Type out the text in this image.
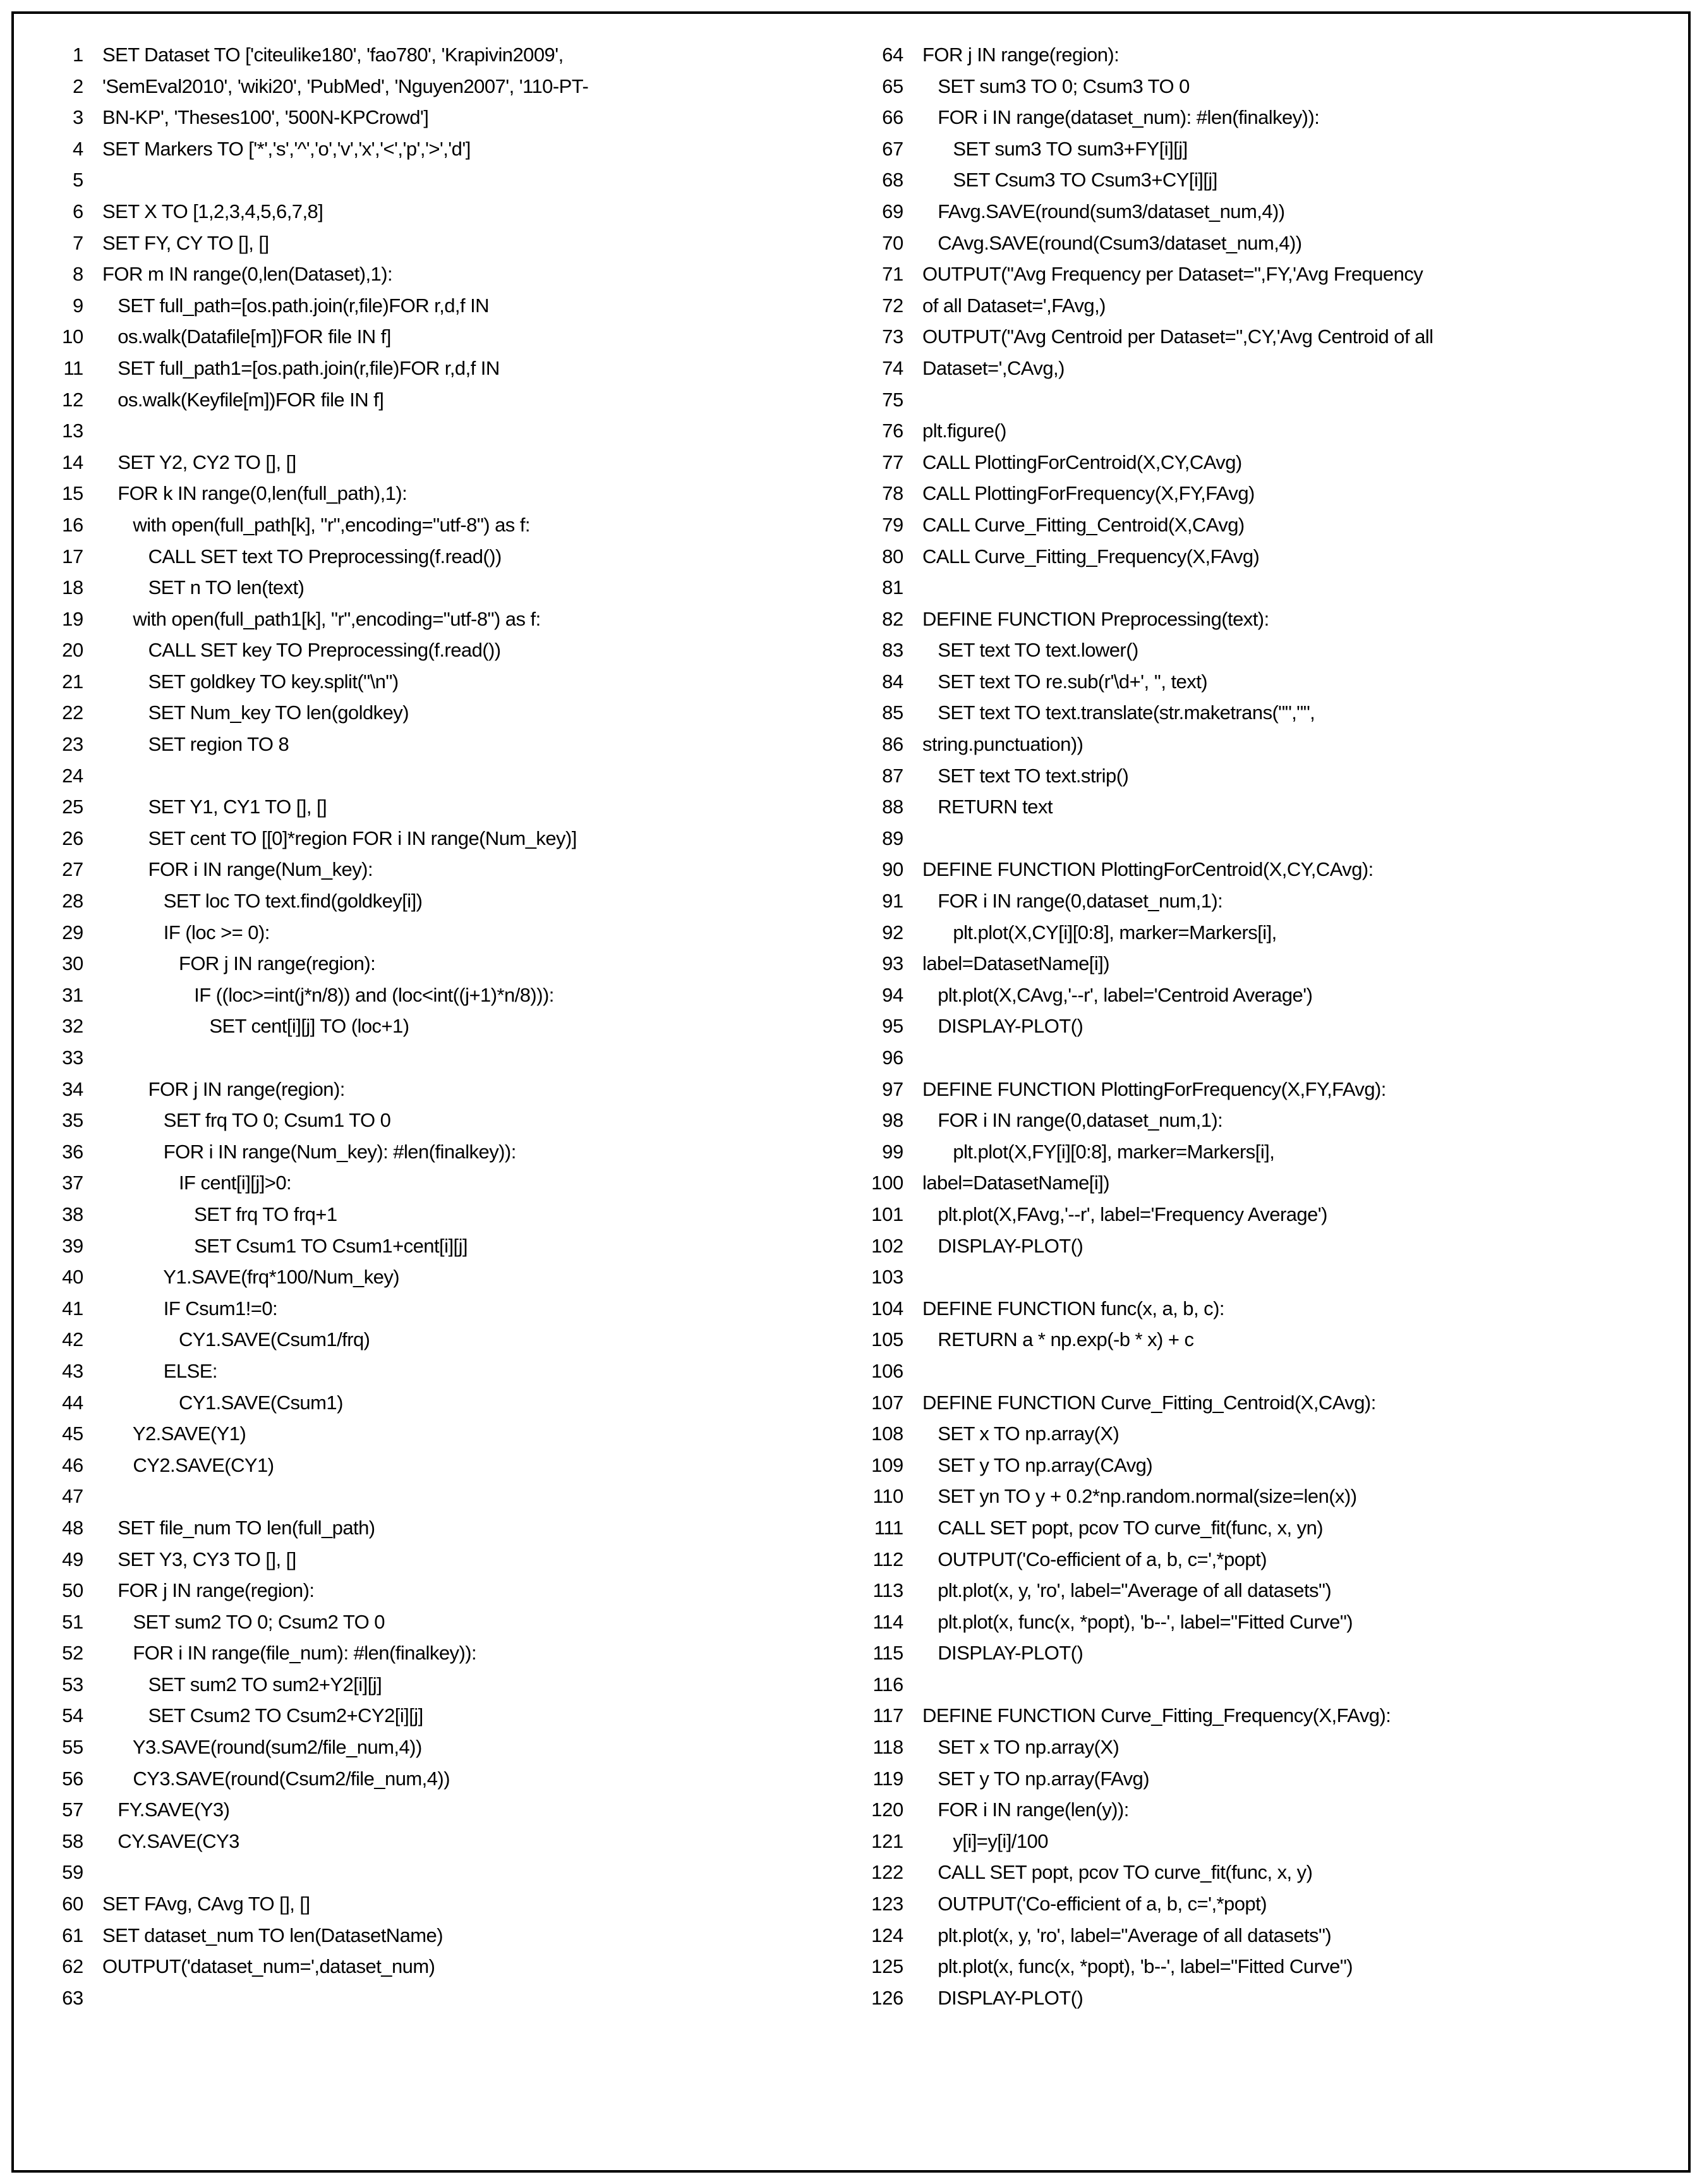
1 SET Dataset TO ['citeulike180', 'fao780', 'Krapivin2009',
2 'SemEval2010', 'wiki20', 'PubMed', 'Nguyen2007', '110-PT-
3 BN-KP', 'Theses100', '500N-KPCrowd']
4 SET Markers TO ['*','s','^','o','v','x','<','p','>','d']
5
6 SET X TO [1,2,3,4,5,6,7,8]
7 SET FY, CY TO [], []
8 FOR m IN range(0,len(Dataset),1):
9 SET full_path=[os.path.join(r,file)FOR r,d,f IN
10 os.walk(Datafile[m])FOR file IN f]
11 SET full_path1=[os.path.join(r,file)FOR r,d,f IN
12 os.walk(Keyfile[m])FOR file IN f]
13
14 SET Y2, CY2 TO [], []
15 FOR k IN range(0,len(full_path),1):
16 with open(full_path[k], "r",encoding="utf-8") as f:
17 CALL SET text TO Preprocessing(f.read())
18 SET n TO len(text)
19 with open(full_path1[k], "r",encoding="utf-8") as f:
20 CALL SET key TO Preprocessing(f.read())
21 SET goldkey TO key.split("\n")
22 SET Num_key TO len(goldkey)
23 SET region TO 8
24
25 SET Y1, CY1 TO [], []
26 SET cent TO [[0]*region FOR i IN range(Num_key)]
27 FOR i IN range(Num_key):
28 SET loc TO text.find(goldkey[i])
29 IF (loc >= 0):
30 FOR j IN range(region):
31 IF ((loc>=int(j*n/8)) and (loc<int((j+1)*n/8))):
32 SET cent[i][j] TO (loc+1)
33
34 FOR j IN range(region):
35 SET frq TO 0; Csum1 TO 0
36 FOR i IN range(Num_key): #len(finalkey)):
37 IF cent[i][j]>0:
38 SET frq TO frq+1
39 SET Csum1 TO Csum1+cent[i][j]
40 Y1.SAVE(frq*100/Num_key)
41 IF Csum1!=0:
42 CY1.SAVE(Csum1/frq)
43 ELSE:
44 CY1.SAVE(Csum1)
45 Y2.SAVE(Y1)
46 CY2.SAVE(CY1)
47
48 SET file_num TO len(full_path)
49 SET Y3, CY3 TO [], []
50 FOR j IN range(region):
51 SET sum2 TO 0; Csum2 TO 0
52 FOR i IN range(file_num): #len(finalkey)):
53 SET sum2 TO sum2+Y2[i][j]
54 SET Csum2 TO Csum2+CY2[i][j]
55 Y3.SAVE(round(sum2/file_num,4))
56 CY3.SAVE(round(Csum2/file_num,4))
57 FY.SAVE(Y3)
58 CY.SAVE(CY3
59
60 SET FAvg, CAvg TO [], []
61 SET dataset_num TO len(DatasetName)
62 OUTPUT('dataset_num=',dataset_num)
63
64 FOR j IN range(region):
65 SET sum3 TO 0; Csum3 TO 0
66 FOR i IN range(dataset_num): #len(finalkey)):
67 SET sum3 TO sum3+FY[i][j]
68 SET Csum3 TO Csum3+CY[i][j]
69 FAvg.SAVE(round(sum3/dataset_num,4))
70 CAvg.SAVE(round(Csum3/dataset_num,4))
71 OUTPUT("Avg Frequency per Dataset=",FY,'Avg Frequency
72 of all Dataset=',FAvg,)
73 OUTPUT("Avg Centroid per Dataset=",CY,'Avg Centroid of all
74 Dataset=',CAvg,)
75
76 plt.figure()
77 CALL PlottingForCentroid(X,CY,CAvg)
78 CALL PlottingForFrequency(X,FY,FAvg)
79 CALL Curve_Fitting_Centroid(X,CAvg)
80 CALL Curve_Fitting_Frequency(X,FAvg)
81
82 DEFINE FUNCTION Preprocessing(text):
83 SET text TO text.lower()
84 SET text TO re.sub(r'\d+', '', text)
85 SET text TO text.translate(str.maketrans("","",
86 string.punctuation))
87 SET text TO text.strip()
88 RETURN text
89
90 DEFINE FUNCTION PlottingForCentroid(X,CY,CAvg):
91 FOR i IN range(0,dataset_num,1):
92 plt.plot(X,CY[i][0:8], marker=Markers[i],
93 label=DatasetName[i])
94 plt.plot(X,CAvg,'--r', label='Centroid Average')
95 DISPLAY-PLOT()
96
97 DEFINE FUNCTION PlottingForFrequency(X,FY,FAvg):
98 FOR i IN range(0,dataset_num,1):
99 plt.plot(X,FY[i][0:8], marker=Markers[i],
100 label=DatasetName[i])
101 plt.plot(X,FAvg,'--r', label='Frequency Average')
102 DISPLAY-PLOT()
103
104 DEFINE FUNCTION func(x, a, b, c):
105 RETURN a * np.exp(-b * x) + c
106
107 DEFINE FUNCTION Curve_Fitting_Centroid(X,CAvg):
108 SET x TO np.array(X)
109 SET y TO np.array(CAvg)
110 SET yn TO y + 0.2*np.random.normal(size=len(x))
111 CALL SET popt, pcov TO curve_fit(func, x, yn)
112 OUTPUT('Co-efficient of a, b, c=',*popt)
113 plt.plot(x, y, 'ro', label="Average of all datasets")
114 plt.plot(x, func(x, *popt), 'b--', label="Fitted Curve")
115 DISPLAY-PLOT()
116
117 DEFINE FUNCTION Curve_Fitting_Frequency(X,FAvg):
118 SET x TO np.array(X)
119 SET y TO np.array(FAvg)
120 FOR i IN range(len(y)):
121 y[i]=y[i]/100
122 CALL SET popt, pcov TO curve_fit(func, x, y)
123 OUTPUT('Co-efficient of a, b, c=',*popt)
124 plt.plot(x, y, 'ro', label="Average of all datasets")
125 plt.plot(x, func(x, *popt), 'b--', label="Fitted Curve")
126 DISPLAY-PLOT()
